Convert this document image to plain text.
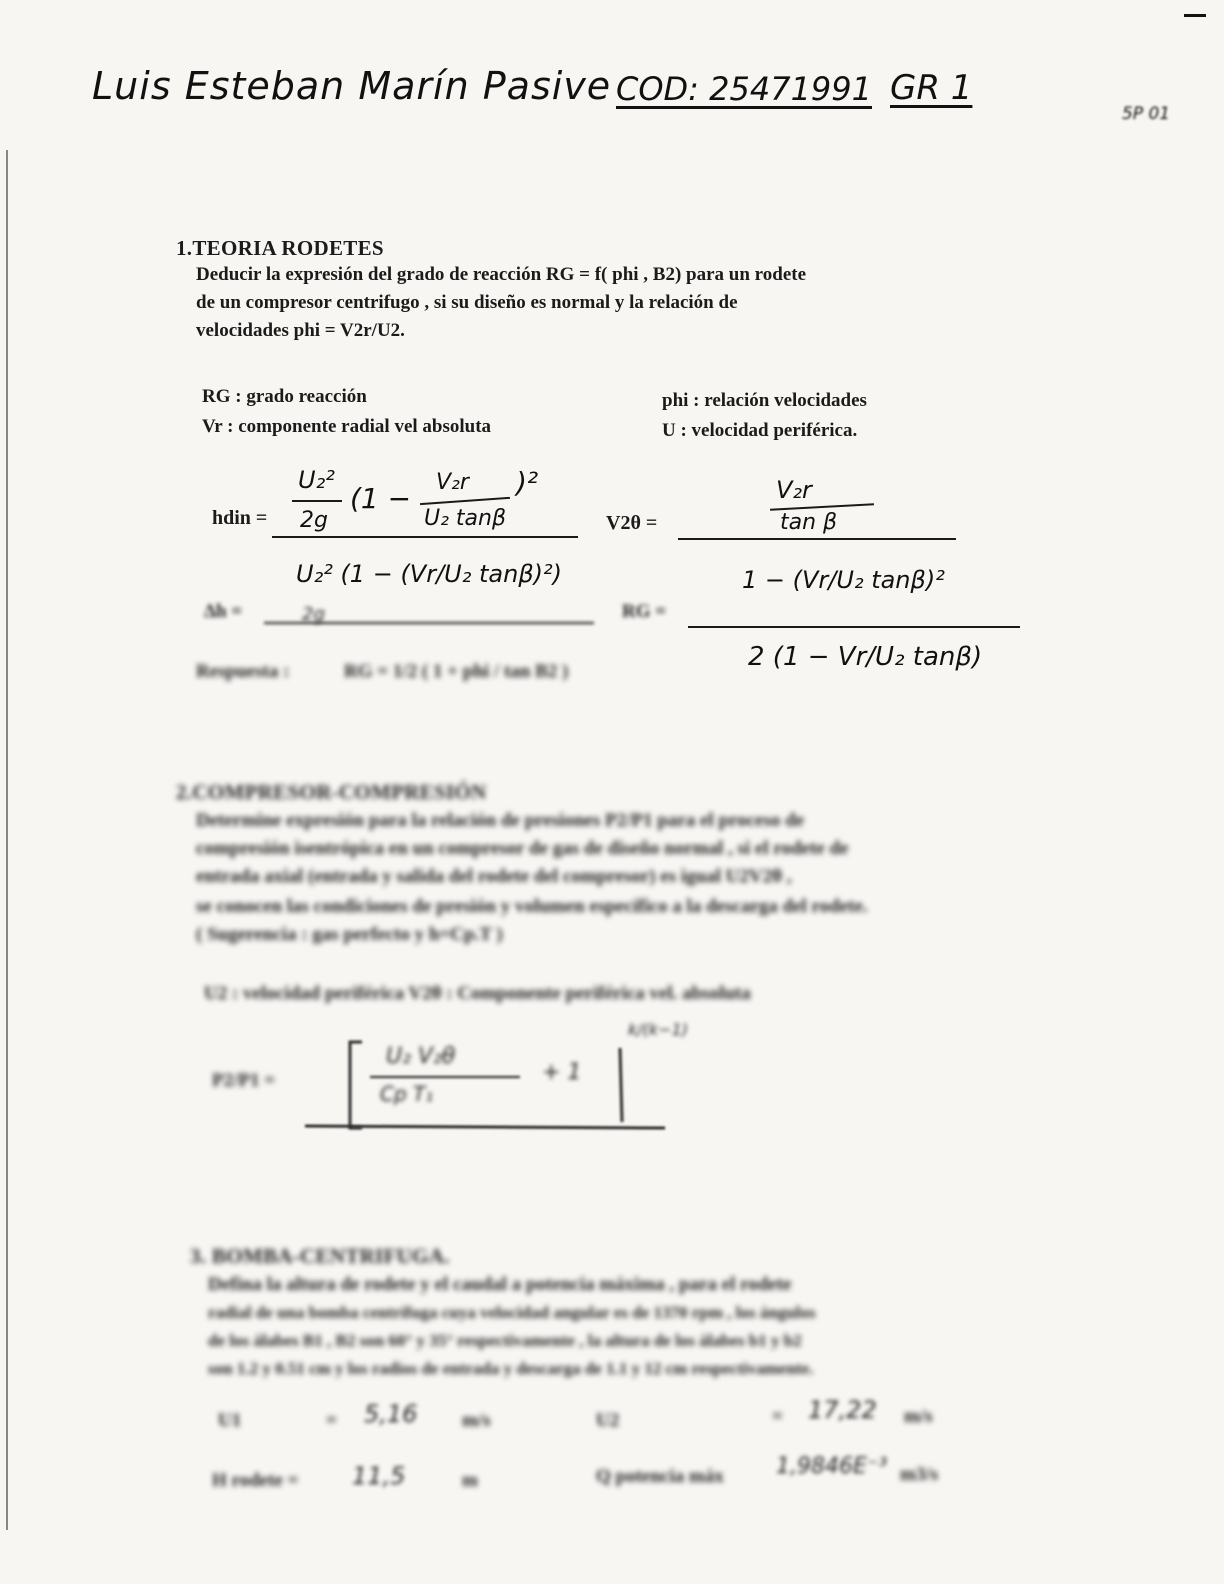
Luis Esteban Marín Pasive COD: 25471991 GR 1
5P 01
1.TEORIA RODETES
Deducir la expresión del grado de reacción RG = f( phi , B2) para un rodete
de un compresor centrifugo , si su diseño es normal y la relación de
velocidades phi = V2r/U2.
RG : grado reacción
Vr : componente radial vel absoluta
phi : relación velocidades
U : velocidad periférica.
hdin =
U₂²
2g
(1 − V₂r
U₂ tanβ
)²
V2θ =
V₂r
tan β
Δh =
U₂² (1 − (Vr/U₂ tanβ)²)
2g	RG =
1 − (Vr/U₂ tanβ)²
2 (1 − Vr/U₂ tanβ)
Respuesta :	RG = 1/2 ( 1 + phi / tan B2 )
2.COMPRESOR-COMPRESIÓN
Determine expresión para la relación de presiones P2/P1 para el proceso de
compresión isentrópica en un compresor de gas de diseño normal , si el rodete de
entrada axial (entrada y salida del rodete del compresor) es igual U2V2θ ,
se conocen las condiciones de presión y volumen específico a la descarga del rodete.
( Sugerencia : gas perfecto y h=Cp.T )
U2 : velocidad periférica V2θ : Componente periférica vel. absoluta
P2/P1 =
U₂ V₂θ
Cp T₁
+ 1
k/(k−1)
3. BOMBA-CENTRIFUGA.
Defina la altura de rodete y el caudal a potencia máxima , para el rodete
radial de una bomba centrífuga cuya velocidad angular es de 1370 rpm , los ángulos
de los álabes B1 , B2 son 60° y 35° respectivamente , la altura de los álabes b1 y b2
son 1.2 y 0.51 cm y los radios de entrada y descarga de 1.1 y 12 cm respectivamente.
U1	= 5,16 m/s	U2	= 17,22 m/s
H rodete = 11,5	m	Q potencia máx 1,9846E⁻³ m3/s
